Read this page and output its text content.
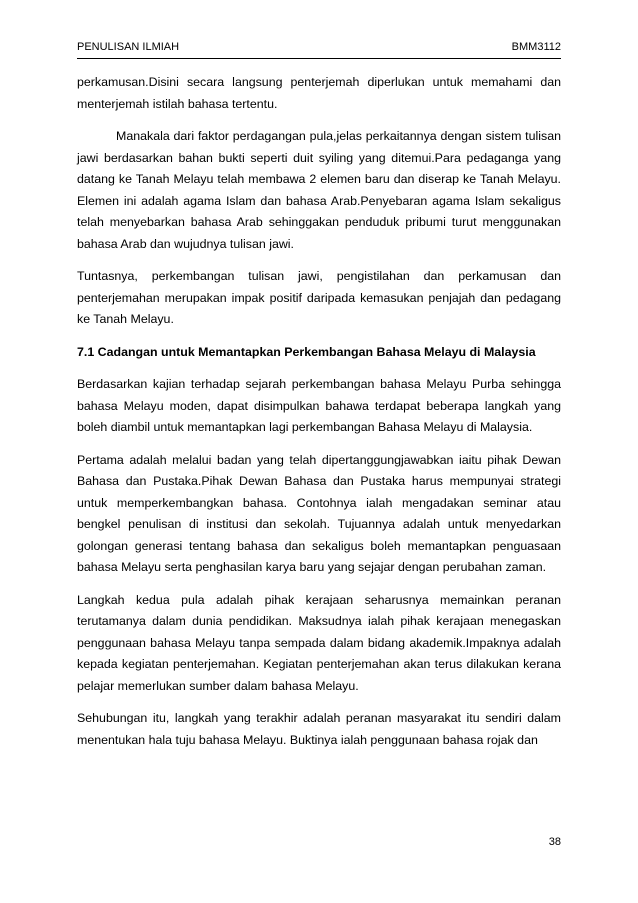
PENULISAN ILMIAH	BMM3112

perkamusan.Disini secara langsung penterjemah diperlukan untuk memahami dan menterjemah istilah bahasa tertentu.

Manakala dari faktor perdagangan pula,jelas perkaitannya dengan sistem tulisan jawi berdasarkan bahan bukti seperti duit syiling yang ditemui.Para pedaganga yang datang ke Tanah Melayu telah membawa 2 elemen baru dan diserap ke Tanah Melayu. Elemen ini adalah agama Islam dan bahasa Arab.Penyebaran agama Islam sekaligus telah menyebarkan bahasa Arab sehinggakan penduduk pribumi turut menggunakan bahasa Arab dan wujudnya tulisan jawi.

Tuntasnya, perkembangan tulisan jawi, pengistilahan dan perkamusan dan penterjemahan merupakan impak positif daripada kemasukan penjajah dan pedagang ke Tanah Melayu.

7.1 Cadangan untuk Memantapkan Perkembangan Bahasa Melayu di Malaysia

Berdasarkan kajian terhadap sejarah perkembangan bahasa Melayu Purba sehingga bahasa Melayu moden, dapat disimpulkan bahawa terdapat beberapa langkah yang boleh diambil untuk memantapkan lagi perkembangan Bahasa Melayu di Malaysia.

Pertama adalah melalui badan yang telah dipertanggungjawabkan iaitu pihak Dewan Bahasa dan Pustaka.Pihak Dewan Bahasa dan Pustaka harus mempunyai strategi untuk memperkembangkan bahasa. Contohnya ialah mengadakan seminar atau bengkel penulisan di institusi dan sekolah. Tujuannya adalah untuk menyedarkan golongan generasi tentang bahasa dan sekaligus boleh memantapkan penguasaan bahasa Melayu serta penghasilan karya baru yang sejajar dengan perubahan zaman.

Langkah kedua pula adalah pihak kerajaan seharusnya memainkan peranan terutamanya dalam dunia pendidikan. Maksudnya ialah pihak kerajaan menegaskan penggunaan bahasa Melayu tanpa sempada dalam bidang akademik.Impaknya adalah kepada kegiatan penterjemahan. Kegiatan penterjemahan akan terus dilakukan kerana pelajar memerlukan sumber dalam bahasa Melayu.

Sehubungan itu, langkah yang terakhir adalah peranan masyarakat itu sendiri dalam menentukan hala tuju bahasa Melayu. Buktinya ialah penggunaan bahasa rojak dan

38
